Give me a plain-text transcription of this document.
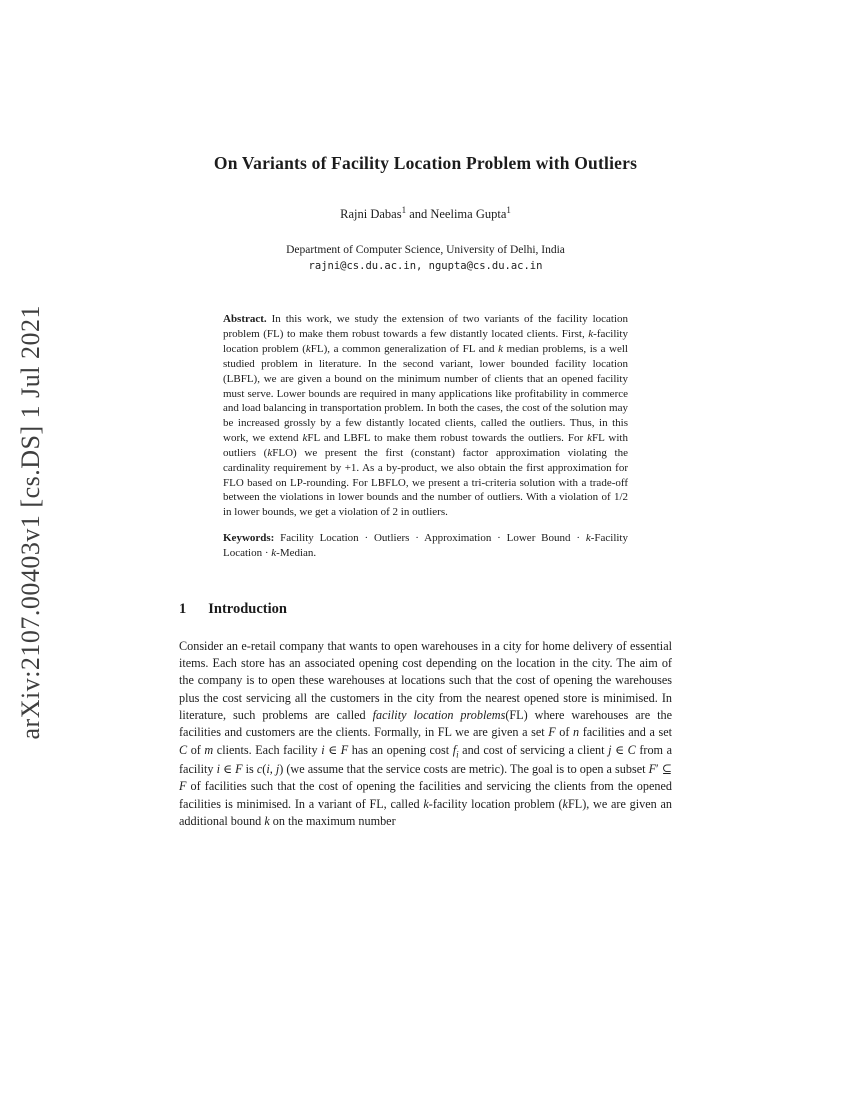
arXiv:2107.00403v1 [cs.DS] 1 Jul 2021
On Variants of Facility Location Problem with Outliers

Rajni Dabas$^1$ and Neelima Gupta$^1$

Department of Computer Science, University of Delhi, India

rajni@cs.du.ac.in, ngupta@cs.du.ac.in

Abstract. In this work, we study the extension of two variants of the facility location problem (FL) to make them robust towards a few distantly located clients. First, k-facility location problem (kFL), a common generalization of FL and k median problems, is a well studied problem in literature. In the second variant, lower bounded facility location (LBFL), we are given a bound on the minimum number of clients that an opened facility must serve. Lower bounds are required in many applications like profitability in commerce and load balancing in transportation problem. In both the cases, the cost of the solution may be increased grossly by a few distantly located clients, called the outliers. Thus, in this work, we extend kFL and LBFL to make them robust towards the outliers. For kFL with outliers (kFLO) we present the first (constant) factor approximation violating the cardinality requirement by +1. As a by-product, we also obtain the first approximation for FLO based on LP-rounding. For LBFLO, we present a tri-criteria solution with a trade-off between the violations in lower bounds and the number of outliers. With a violation of 1/2 in lower bounds, we get a violation of 2 in outliers.

Keywords: Facility Location · Outliers · Approximation · Lower Bound · k-Facility Location · k-Median.

1 Introduction

Consider an e-retail company that wants to open warehouses in a city for home delivery of essential items. Each store has an associated opening cost depending on the location in the city. The aim of the company is to open these warehouses at locations such that the cost of opening the warehouses plus the cost servicing all the customers in the city from the nearest opened store is minimised. In literature, such problems are called facility location problems(FL) where warehouses are the facilities and customers are the clients. Formally, in FL we are given a set F of n facilities and a set C of m clients. Each facility i ∈ F has an opening cost $f_i$ and cost of servicing a client j ∈ C from a facility i ∈ F is c(i, j) (we assume that the service costs are metric). The goal is to open a subset F′ ⊆ F of facilities such that the cost of opening the facilities and servicing the clients from the opened facilities is minimised. In a variant of FL, called k-facility location problem (kFL), we are given an additional bound k on the maximum number
